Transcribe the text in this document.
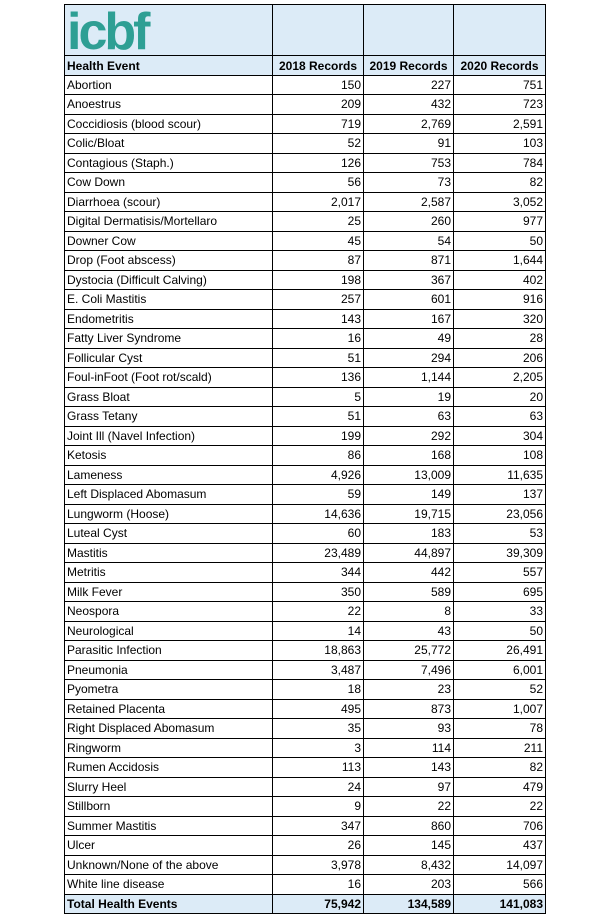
icbf			

Health Event	2018 Records	2019 Records	2020 Records
Abortion	150	227	751
Anoestrus	209	432	723
Coccidiosis (blood scour)	719	2,769	2,591
Colic/Bloat	52	91	103
Contagious (Staph.)	126	753	784
Cow Down	56	73	82
Diarrhoea (scour)	2,017	2,587	3,052
Digital Dermatisis/Mortellaro	25	260	977
Downer Cow	45	54	50
Drop (Foot abscess)	87	871	1,644
Dystocia (Difficult Calving)	198	367	402
E. Coli Mastitis	257	601	916
Endometritis	143	167	320
Fatty Liver Syndrome	16	49	28
Follicular Cyst	51	294	206
Foul-inFoot (Foot rot/scald)	136	1,144	2,205
Grass Bloat	5	19	20
Grass Tetany	51	63	63
Joint Ill (Navel Infection)	199	292	304
Ketosis	86	168	108
Lameness	4,926	13,009	11,635
Left Displaced Abomasum	59	149	137
Lungworm (Hoose)	14,636	19,715	23,056
Luteal Cyst	60	183	53
Mastitis	23,489	44,897	39,309
Metritis	344	442	557
Milk Fever	350	589	695
Neospora	22	8	33
Neurological	14	43	50
Parasitic Infection	18,863	25,772	26,491
Pneumonia	3,487	7,496	6,001
Pyometra	18	23	52
Retained Placenta	495	873	1,007
Right Displaced Abomasum	35	93	78
Ringworm	3	114	211
Rumen Accidosis	113	143	82
Slurry Heel	24	97	479
Stillborn	9	22	22
Summer Mastitis	347	860	706
Ulcer	26	145	437
Unknown/None of the above	3,978	8,432	14,097
White line disease	16	203	566
Total Health Events	75,942	134,589	141,083
